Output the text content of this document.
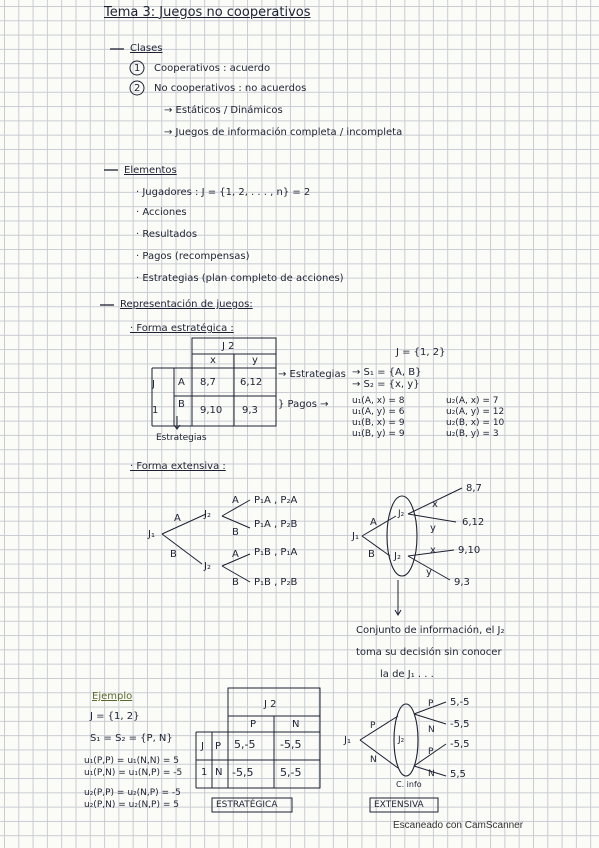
Tema 3: Juegos no cooperativos
Clases
1 Cooperativos : acuerdo
2 No cooperativos : no acuerdos
→ Estáticos / Dinámicos
→ Juegos de información completa / incompleta
Elementos
· Jugadores : J = {1, 2, . . . , n} = 2
· Acciones
· Resultados
· Pagos (recompensas)
· Estrategias (plan completo de acciones)
Representación de juegos:
· Forma estratégica :
J 2
x	y
J
1
A
B
8,7 6,12
9,10 9,3
→ Estrategias
} Pagos →
Estrategias
J = {1, 2}
→ S₁ = {A, B}
→ S₂ = {x, y}
u₁(A, x) = 8
u₁(A, y) = 6
u₁(B, x) = 9
u₁(B, y) = 9
u₂(A, x) = 7
u₂(A, y) = 12
u₂(B, x) = 10
u₂(B, y) = 3
· Forma extensiva :
J₁
A
B
J₂
J₂
A
B
A
B
P₁A , P₂A
P₁A , P₂B
P₁B , P₁A
P₁B , P₂B
J₁
A
B
J₂
J₂
x
y
x
y
8,7
6,12
9,10
9,3
Conjunto de información, el J₂
toma su decisión sin conocer
la de J₁ . . .
Ejemplo
J = {1, 2}
S₁ = S₂ = {P, N}
u₁(P,P) = u₁(N,N) = 5
u₁(P,N) = u₁(N,P) = -5
u₂(P,P) = u₂(N,P) = -5
u₂(P,N) = u₂(N,P) = 5
J 2
P	N
J
1
P
N
5,-5 -5,5
-5,5 5,-5
ESTRATÉGICA
J₁
P
N
J₂
P
N
P
N
5,-5
-5,5
-5,5
5,5
C. info
EXTENSIVA
Escaneado con CamScanner
